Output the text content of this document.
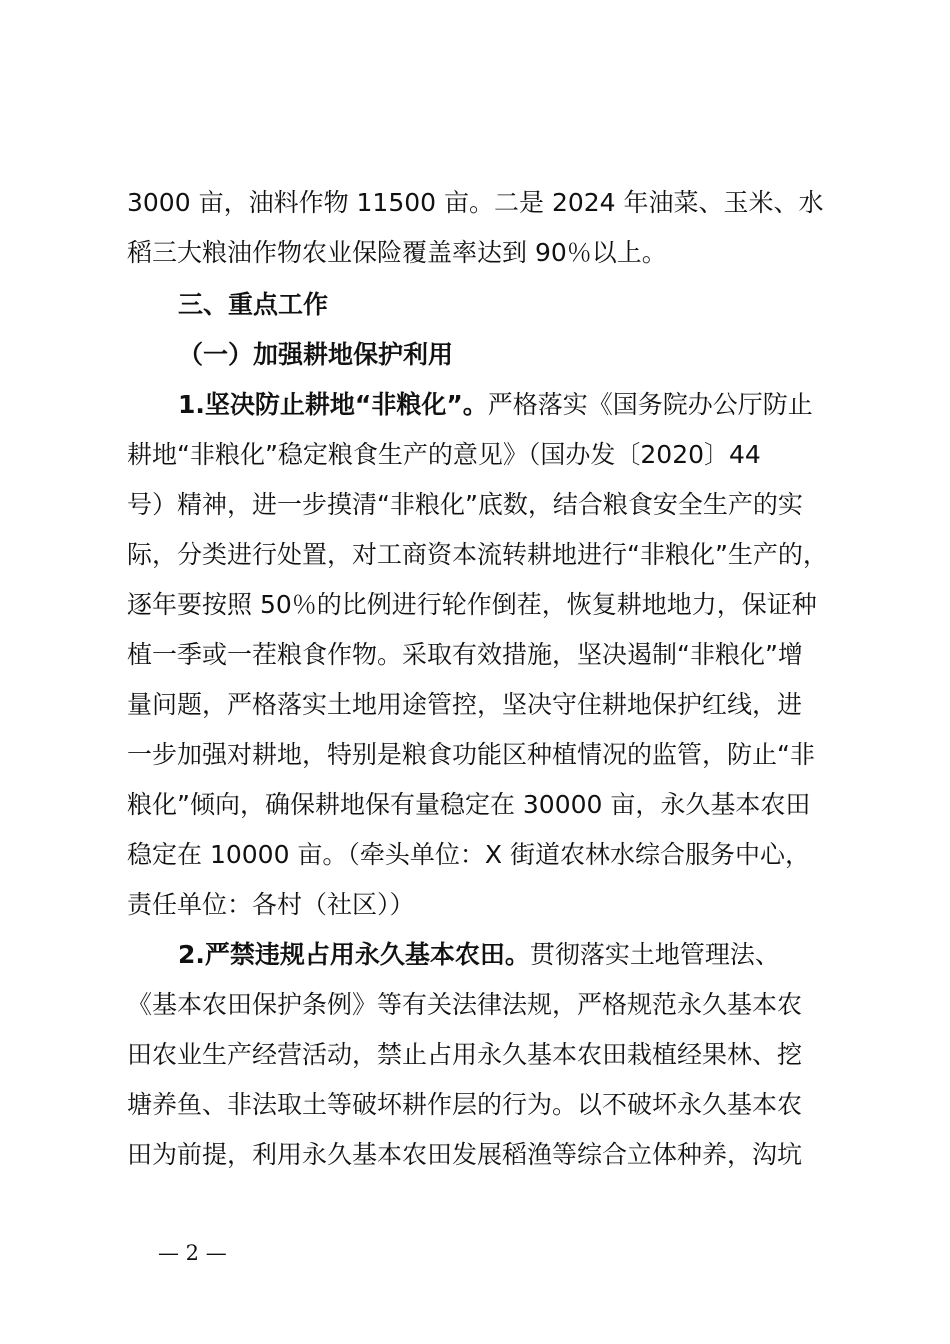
3000 亩，油料作物 11500 亩。二是 2024 年油菜、玉米、水

稻三大粮油作物农业保险覆盖率达到 90％以上。

三、重点工作

（一）加强耕地保护利用

1.坚决防止耕地“非粮化”。严格落实《国务院办公厅防止

耕地“非粮化”稳定粮食生产的意见》（国办发〔2020〕44

号）精神，进一步摸清“非粮化”底数，结合粮食安全生产的实

际，分类进行处置，对工商资本流转耕地进行“非粮化”生产的，

逐年要按照 50％的比例进行轮作倒茬，恢复耕地地力，保证种

植一季或一茬粮食作物。采取有效措施，坚决遏制“非粮化”增

量问题，严格落实土地用途管控，坚决守住耕地保护红线，进

一步加强对耕地，特别是粮食功能区种植情况的监管，防止“非

粮化”倾向，确保耕地保有量稳定在 30000 亩，永久基本农田

稳定在 10000 亩。（牵头单位：X 街道农林水综合服务中心，

责任单位：各村（社区））

2.严禁违规占用永久基本农田。贯彻落实土地管理法、

《基本农田保护条例》等有关法律法规，严格规范永久基本农

田农业生产经营活动，禁止占用永久基本农田栽植经果林、挖

塘养鱼、非法取土等破坏耕作层的行为。以不破坏永久基本农

田为前提，利用永久基本农田发展稻渔等综合立体种养，沟坑

— 2 —
